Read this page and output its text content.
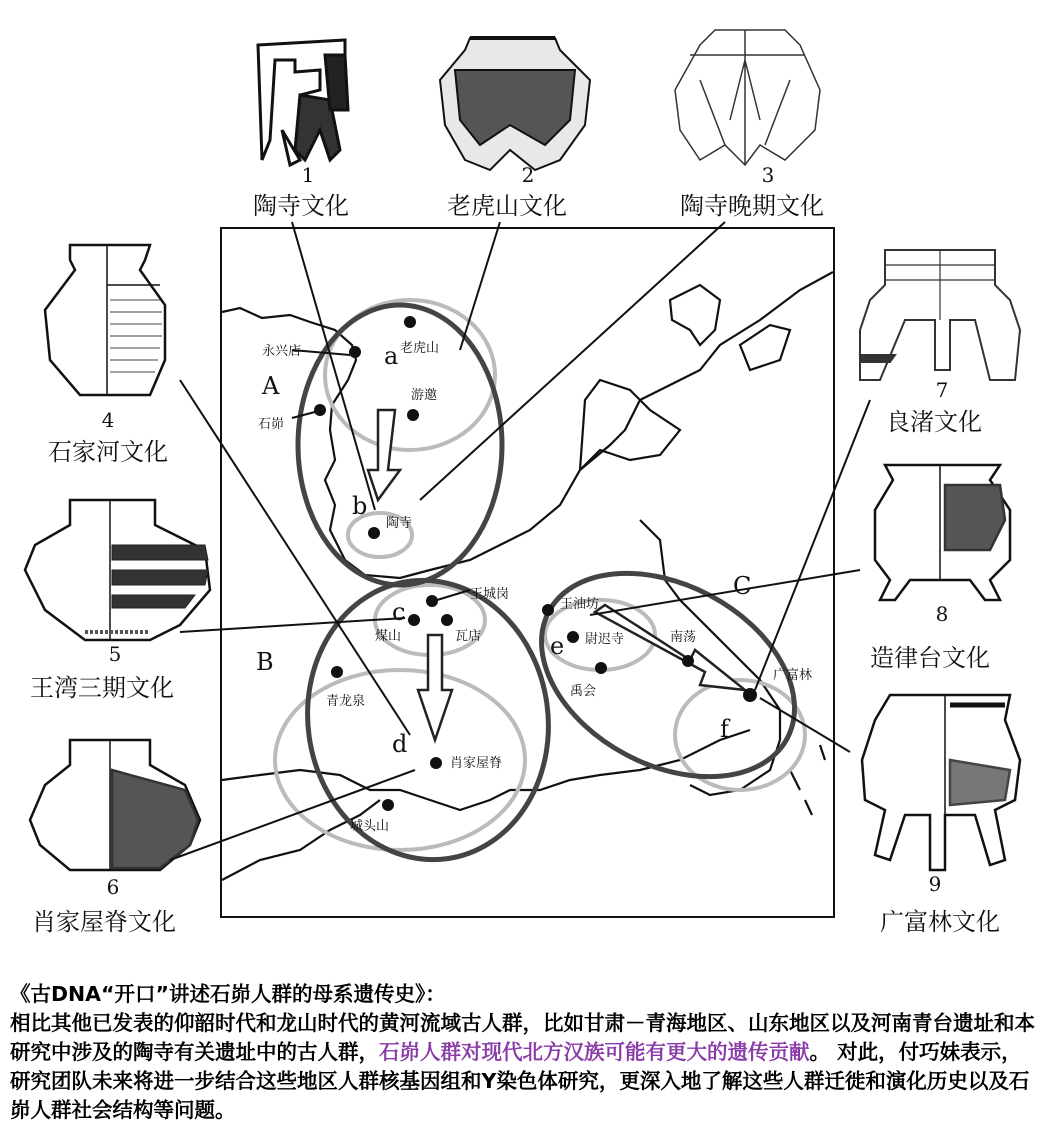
1
陶寺文化
2
老虎山文化
3
陶寺晚期文化
4
石家河文化
5
王湾三期文化
6
肖家屋脊文化
7
良渚文化
8
造律台文化
9
广富林文化
A
B
C
a
b
c
d
e
f
永兴店	老虎山
石峁
游邀
陶寺
王城岗
煤山	瓦店
青龙泉
肖家屋脊
城头山
王油坊
尉迟寺	南荡
禹会
广富林
《古DNA“开口”讲述石峁人群的母系遗传史》：
相比其他已发表的仰韶时代和龙山时代的黄河流域古人群，比如甘肃－青海地区、山东地区以及河南青台遗址和本研究中涉及的陶寺有关遗址中的古人群，石峁人群对现代北方汉族可能有更大的遗传贡献。 对此，付巧妹表示，研究团队未来将进一步结合这些地区人群核基因组和Y染色体研究，更深入地了解这些人群迁徙和演化历史以及石峁人群社会结构等问题。
